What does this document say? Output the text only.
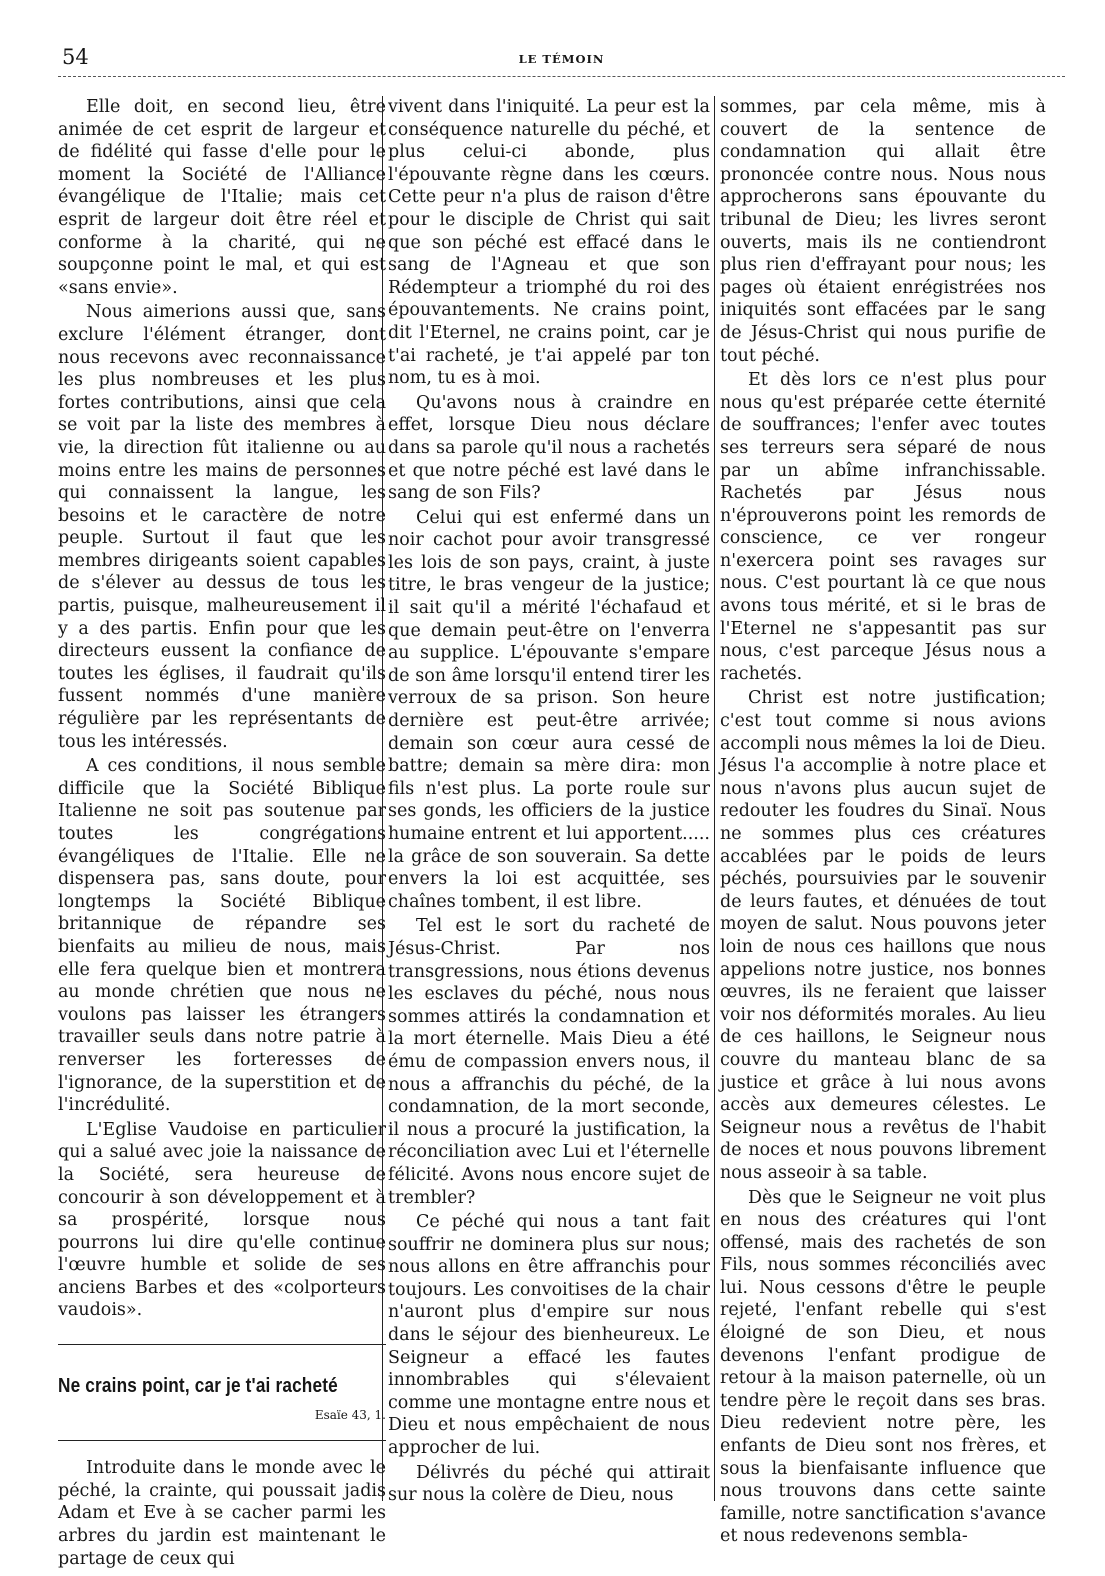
54	LE TÉMOIN

Elle doit, en second lieu, être animée de cet esprit de largeur et de fidélité qui fasse d'elle pour le moment la Société de l'Alliance évangélique de l'Italie; mais cet esprit de largeur doit être réel et conforme à la charité, qui ne soupçonne point le mal, et qui est «sans envie».

Nous aimerions aussi que, sans exclure l'élément étranger, dont nous recevons avec reconnaissance les plus nombreuses et les plus fortes contributions, ainsi que cela se voit par la liste des membres à vie, la direction fût italienne ou au moins entre les mains de personnes qui connaissent la langue, les besoins et le caractère de notre peuple. Surtout il faut que les membres dirigeants soient capables de s'élever au dessus de tous les partis, puisque, malheureusement il y a des partis. Enfin pour que les directeurs eussent la confiance de toutes les églises, il faudrait qu'ils fussent nommés d'une manière régulière par les représentants de tous les intéressés.

A ces conditions, il nous semble difficile que la Société Biblique Italienne ne soit pas soutenue par toutes les congrégations évangéliques de l'Italie. Elle ne dispensera pas, sans doute, pour longtemps la Société Biblique britannique de répandre ses bienfaits au milieu de nous, mais elle fera quelque bien et montrera au monde chrétien que nous ne voulons pas laisser les étrangers travailler seuls dans notre patrie à renverser les forteresses de l'ignorance, de la superstition et de l'incrédulité.

L'Eglise Vaudoise en particulier qui a salué avec joie la naissance de la Société, sera heureuse de concourir à son développement et à sa prospérité, lorsque nous pourrons lui dire qu'elle continue l'œuvre humble et solide de ses anciens Barbes et des «colporteurs vaudois».

Ne crains point, car je t'ai racheté

Esaïe 43, 1.

Introduite dans le monde avec le péché, la crainte, qui poussait jadis Adam et Eve à se cacher parmi les arbres du jardin est maintenant le partage de ceux qui

vivent dans l'iniquité. La peur est la conséquence naturelle du péché, et plus celui-ci abonde, plus l'épouvante règne dans les cœurs. Cette peur n'a plus de raison d'être pour le disciple de Christ qui sait que son péché est effacé dans le sang de l'Agneau et que son Rédempteur a triomphé du roi des épouvantements. Ne crains point, dit l'Eternel, ne crains point, car je t'ai racheté, je t'ai appelé par ton nom, tu es à moi.

Qu'avons nous à craindre en effet, lorsque Dieu nous déclare dans sa parole qu'il nous a rachetés et que notre péché est lavé dans le sang de son Fils?

Celui qui est enfermé dans un noir cachot pour avoir transgressé les lois de son pays, craint, à juste titre, le bras vengeur de la justice; il sait qu'il a mérité l'échafaud et que demain peut-être on l'enverra au supplice. L'épouvante s'empare de son âme lorsqu'il entend tirer les verroux de sa prison. Son heure dernière est peut-être arrivée; demain son cœur aura cessé de battre; demain sa mère dira: mon fils n'est plus. La porte roule sur ses gonds, les officiers de la justice humaine entrent et lui apportent..... la grâce de son souverain. Sa dette envers la loi est acquittée, ses chaînes tombent, il est libre.

Tel est le sort du racheté de Jésus-Christ. Par nos transgressions, nous étions devenus les esclaves du péché, nous nous sommes attirés la condamnation et la mort éternelle. Mais Dieu a été ému de compassion envers nous, il nous a affranchis du péché, de la condamnation, de la mort seconde, il nous a procuré la justification, la réconciliation avec Lui et l'éternelle félicité. Avons nous encore sujet de trembler?

Ce péché qui nous a tant fait souffrir ne dominera plus sur nous; nous allons en être affranchis pour toujours. Les convoitises de la chair n'auront plus d'empire sur nous dans le séjour des bienheureux. Le Seigneur a effacé les fautes innombrables qui s'élevaient comme une montagne entre nous et Dieu et nous empêchaient de nous approcher de lui.

Délivrés du péché qui attirait sur nous la colère de Dieu, nous

sommes, par cela même, mis à couvert de la sentence de condamnation qui allait être prononcée contre nous. Nous nous approcherons sans épouvante du tribunal de Dieu; les livres seront ouverts, mais ils ne contiendront plus rien d'effrayant pour nous; les pages où étaient enrégistrées nos iniquités sont effacées par le sang de Jésus-Christ qui nous purifie de tout péché.

Et dès lors ce n'est plus pour nous qu'est préparée cette éternité de souffrances; l'enfer avec toutes ses terreurs sera séparé de nous par un abîme infranchissable. Rachetés par Jésus nous n'éprouverons point les remords de conscience, ce ver rongeur n'exercera point ses ravages sur nous. C'est pourtant là ce que nous avons tous mérité, et si le bras de l'Eternel ne s'appesantit pas sur nous, c'est parceque Jésus nous a rachetés.

Christ est notre justification; c'est tout comme si nous avions accompli nous mêmes la loi de Dieu. Jésus l'a accomplie à notre place et nous n'avons plus aucun sujet de redouter les foudres du Sinaï. Nous ne sommes plus ces créatures accablées par le poids de leurs péchés, poursuivies par le souvenir de leurs fautes, et dénuées de tout moyen de salut. Nous pouvons jeter loin de nous ces haillons que nous appelions notre justice, nos bonnes œuvres, ils ne feraient que laisser voir nos déformités morales. Au lieu de ces haillons, le Seigneur nous couvre du manteau blanc de sa justice et grâce à lui nous avons accès aux demeures célestes. Le Seigneur nous a revêtus de l'habit de noces et nous pouvons librement nous asseoir à sa table.

Dès que le Seigneur ne voit plus en nous des créatures qui l'ont offensé, mais des rachetés de son Fils, nous sommes réconciliés avec lui. Nous cessons d'être le peuple rejeté, l'enfant rebelle qui s'est éloigné de son Dieu, et nous devenons l'enfant prodigue de retour à la maison paternelle, où un tendre père le reçoit dans ses bras. Dieu redevient notre père, les enfants de Dieu sont nos frères, et sous la bienfaisante influence que nous trouvons dans cette sainte famille, notre sanctification s'avance et nous redevenons sembla-
